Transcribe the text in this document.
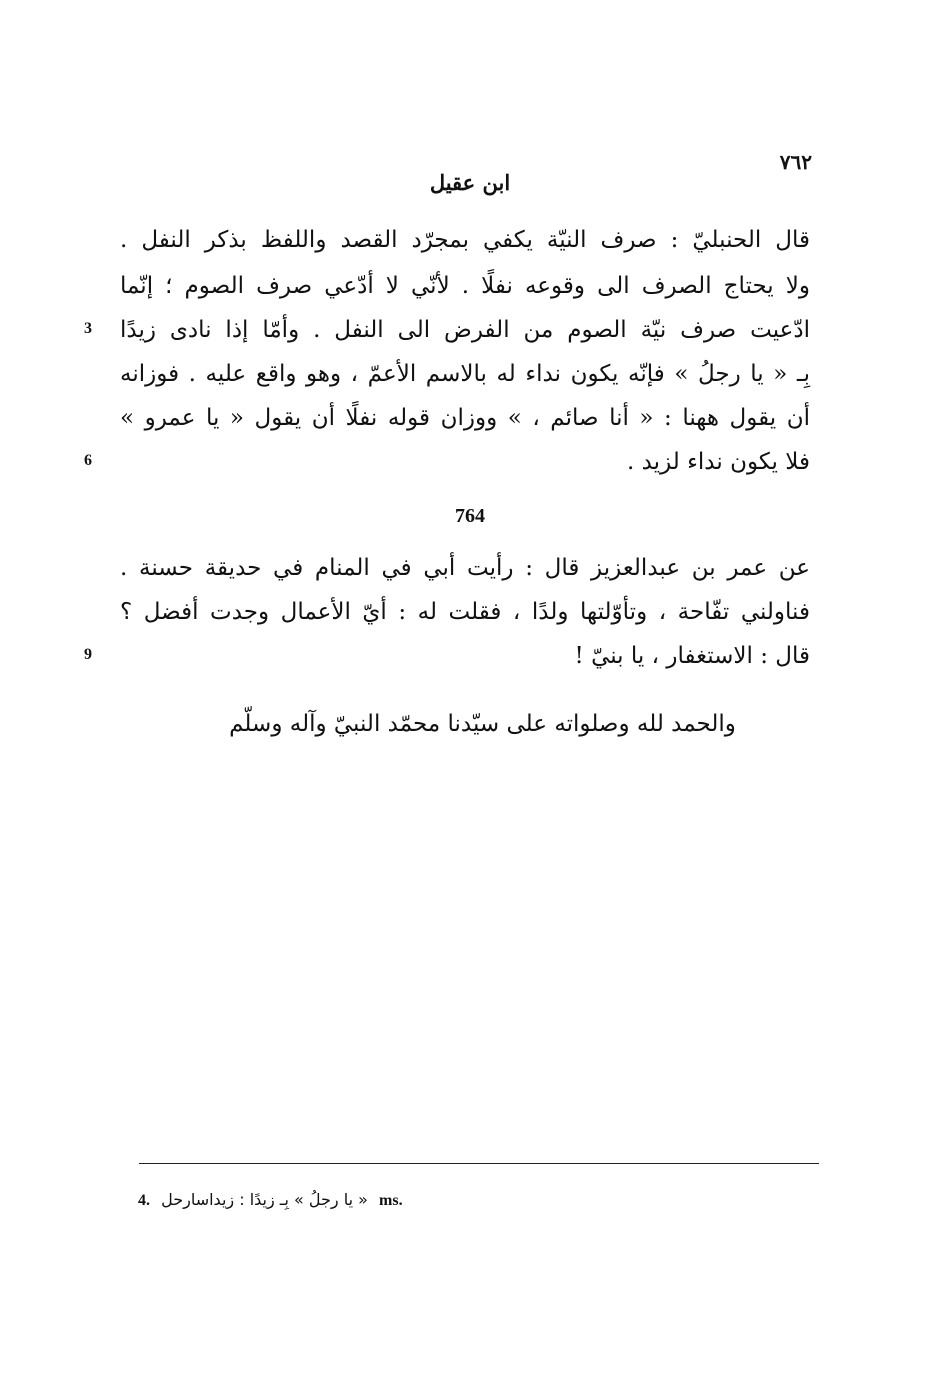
٧٦٢
ابن عقيل
قال الحنبليّ : صرف النيّة يكفي بمجرّد القصد واللفظ بذكر النفل .
ولا يحتاج الصرف الى وقوعه نفلًا . لأنّي لا أدّعي صرف الصوم ؛ إنّما
ادّعيت صرف نيّة الصوم من الفرض الى النفل . وأمّا إذا نادى زيدًا
بِـ « يا رجلُ » فإنّه يكون نداء له بالاسم الأعمّ ، وهو واقع عليه . فوزانه
أن يقول ههنا : « أنا صائم ، » ووزان قوله نفلًا أن يقول « يا عمرو »
فلا يكون نداء لزيد .
3
6
764
عن عمر بن عبدالعزيز قال : رأيت أبي في المنام في حديقة حسنة .
فناولني تفّاحة ، وتأوّلتها ولدًا ، فقلت له : أيّ الأعمال وجدت أفضل ؟
قال : الاستغفار ، يا بنيّ !
9
والحمد لله وصلواته على سيّدنا محمّد النبيّ وآله وسلّم
4. « يا رجلُ » بِـ زيدًا : زيداسارحل ms.
